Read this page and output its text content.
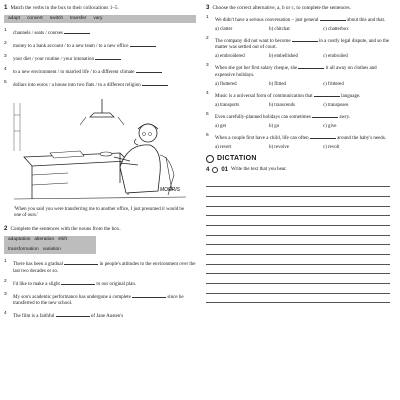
1 Match the verbs in the box to their collocations 1–5.
adapt convert switch transfer vary
1
channels / seats / courses
2
money to a bank account / to a new team / to a new office
3
your diet / your routine / your intonation
4
to a new environment / to married life / to a different climate
5
dollars into euros / a house into two flats / to a different religion
MORRIS
'When you said you were transferring me to another office, I just presumed it would be one of ours.'
2 Complete the sentences with the nouns from the box.
adaptation alteration shift
transformation variation
1
There has been a gradual	in people's attitudes to the environment over the last two decades or so.
2
I'd like to make a slight	to our original plan.
3
My son's academic performance has undergone a complete	since he transferred to the new school.
4
The film is a faithful	of Jane Austen's
3 Choose the correct alternative, a, b or c, to complete the sentences.
1
We didn't have a serious conversation – just general	about this and that.
a) clatter	b) chitchat	c) chatterbox
2
The company did not want to become	in a costly legal dispute, and so the matter was settled out of court.
a) embroidered	b) embellished	c) embroiled
3
When she got her first salary cheque, she	it all away on clothes and expensive holidays.
a) fluttered	b) flitted	c) frittered
4
Music is a universal form of communication that	language.
a) transports	b) transcends	c) transposes
5
Even carefully-planned holidays can sometimes	awry.
a) get	b) go	c) give
6
When a couple first have a child, life can often	around the baby's needs.
a) revert	b) revolve	c) revolt
DICTATION
4 01 Write the text that you hear.
